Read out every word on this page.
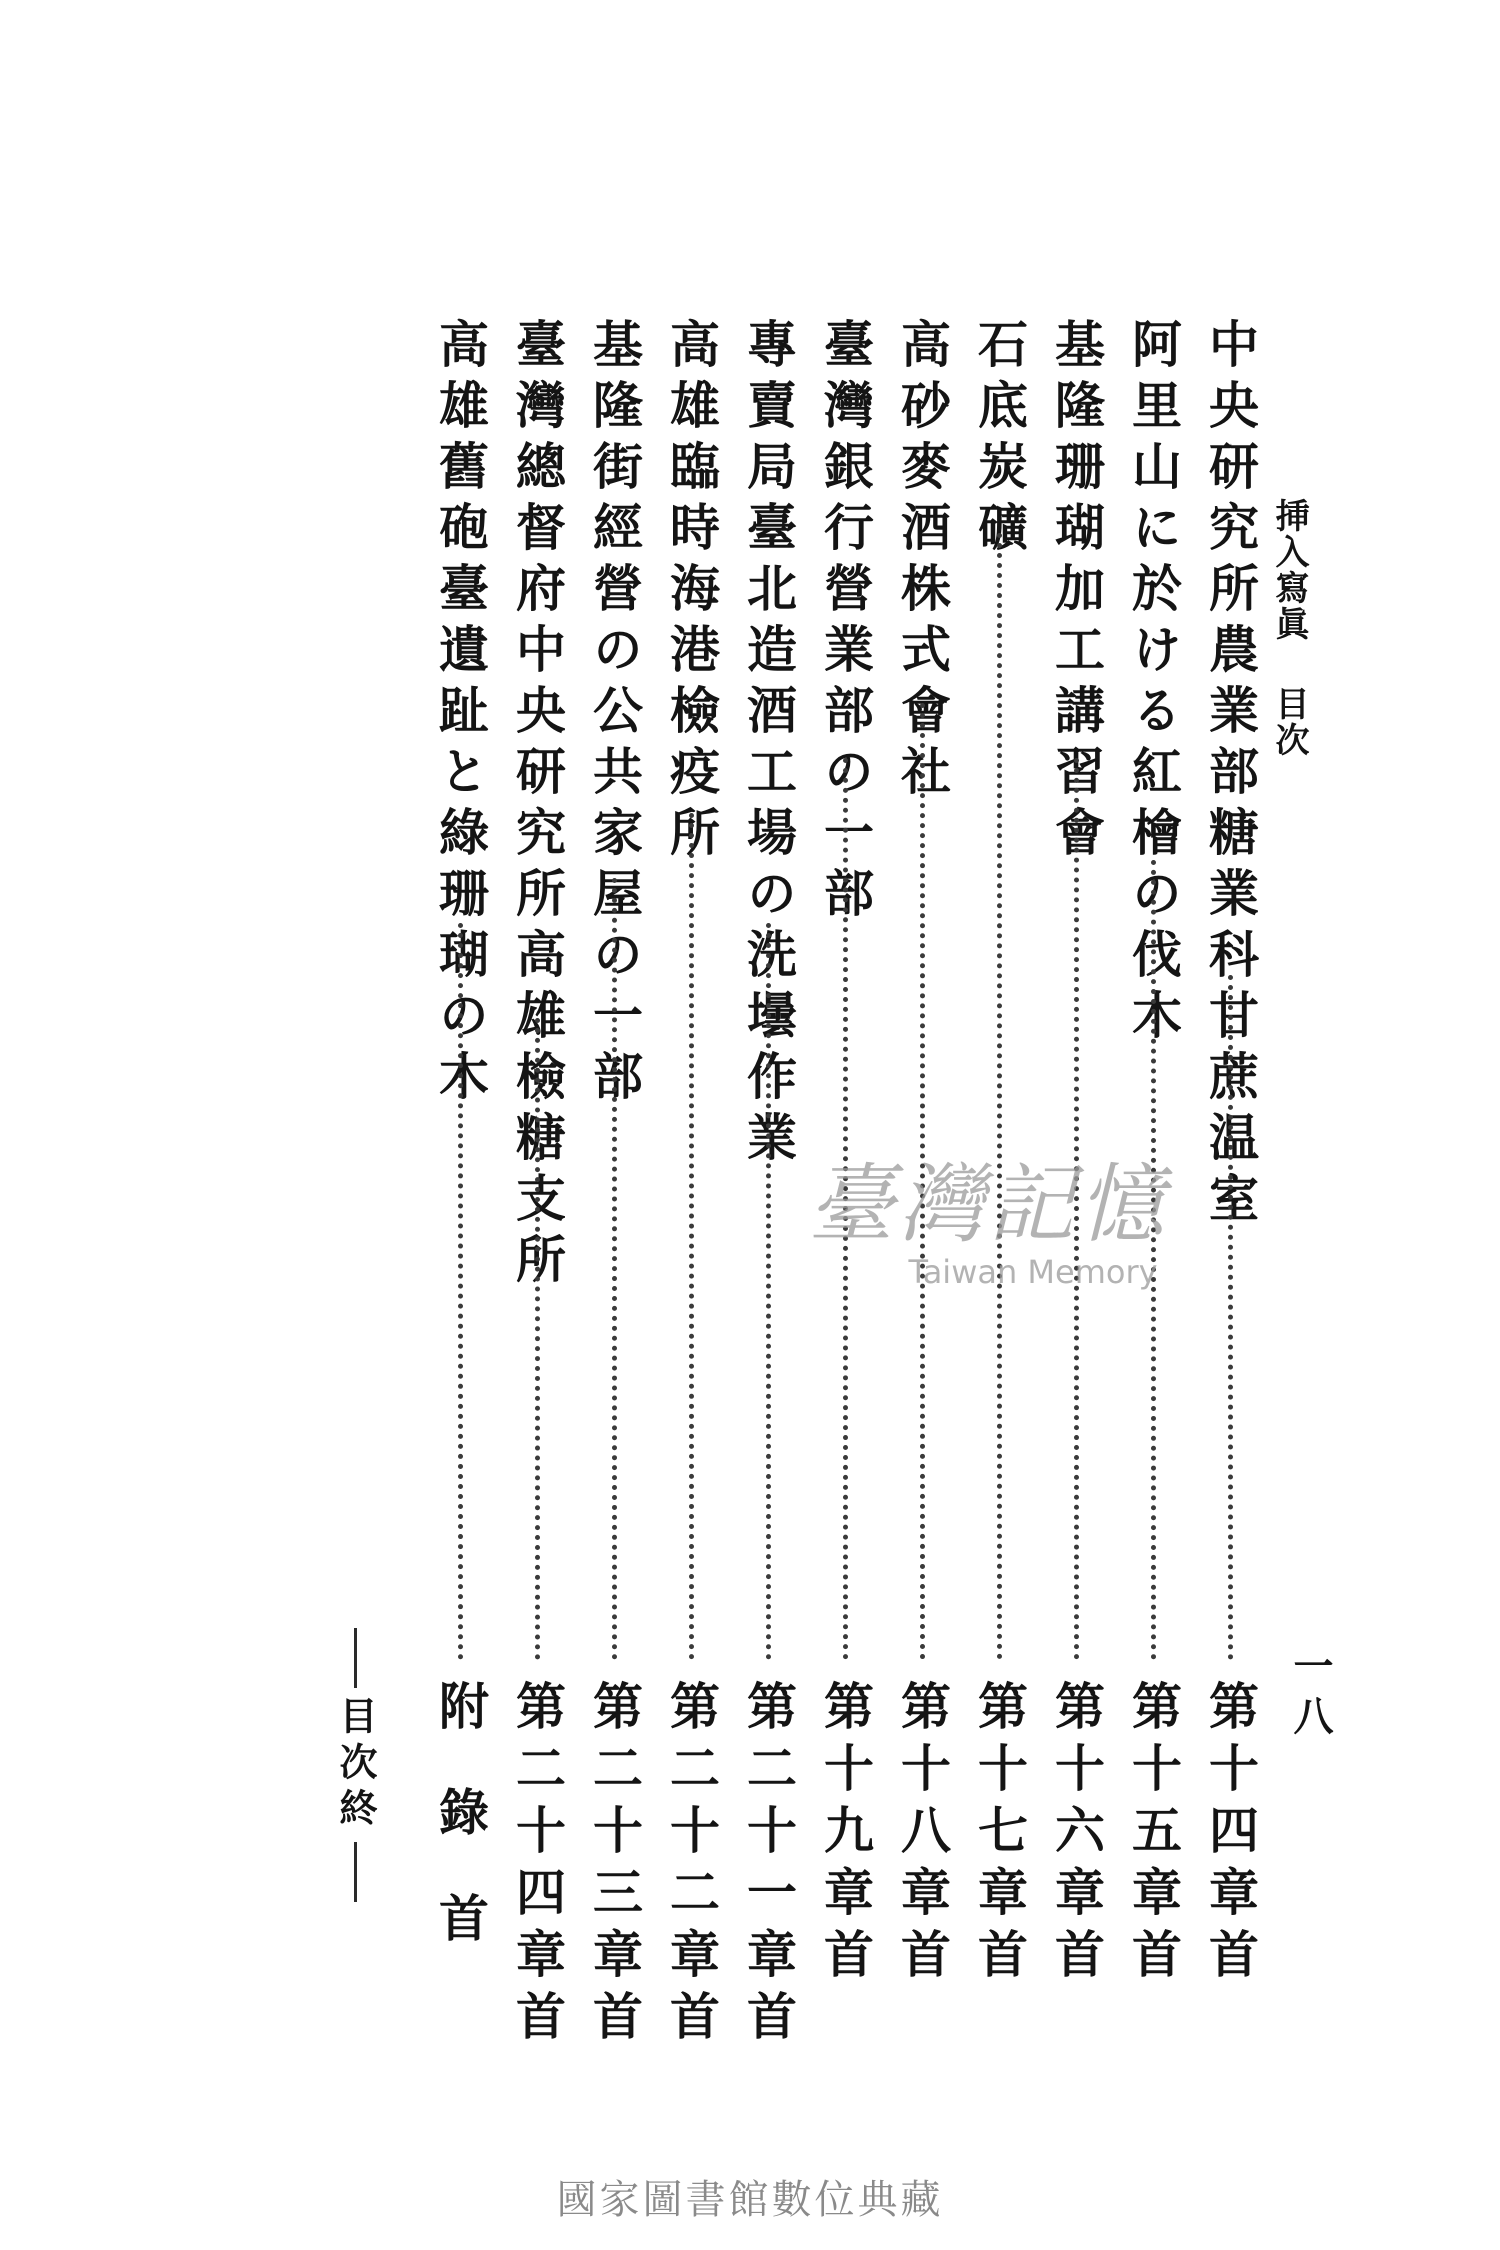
挿入寫眞目次
一八
中央研究所農業部糖業科甘蔗温室
第十四章首
阿里山に於ける紅檜の伐木
第十五章首
基隆珊瑚加工講習會
第十六章首
石底炭礦
第十七章首
高砂麥酒株式會社
第十八章首
臺灣銀行營業部の一部
第十九章首
專賣局臺北造酒工場の洗壜作業
第二十一章首
高雄臨時海港檢疫所
第二十二章首
基隆街經營の公共家屋の一部
第二十三章首
臺灣總督府中央研究所高雄檢糖支所
第二十四章首
高雄舊砲臺遺趾と綠珊瑚の木
附錄首
目次終
臺灣記憶
Taiwan Memory
國家圖書館數位典藏
